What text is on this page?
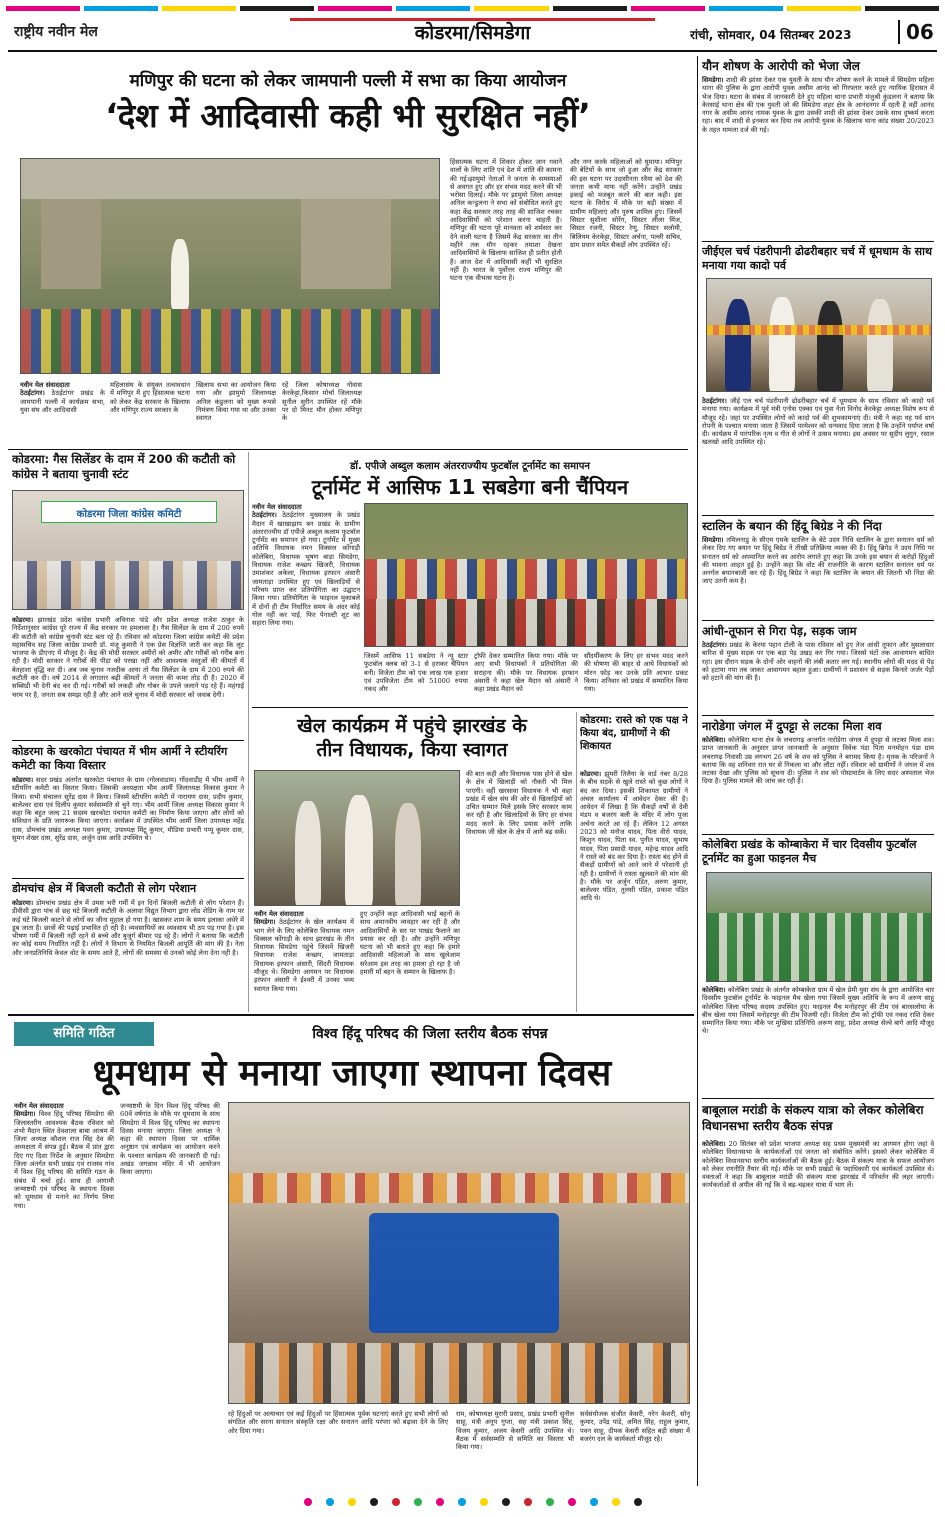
राष्ट्रीय नवीन मेल	कोडरमा/सिमडेगा	रांची, सोमवार, 04 सितम्बर 2023	06
मणिपुर की घटना को लेकर जामपानी पल्ली में सभा का किया आयोजन
‘देश में आदिवासी कही भी सुरक्षित नहीं’
नवीन मेल संवाददाता
ठेठईटांगर। ठेठईटांगर प्रखंड के जामपानी पल्ली में कार्यक्रम सभा, युवा संघ और आदिवासी
महिलासंघ के संयुक्त तत्वावधान में मणिपुर में हुए हिंसात्मक घटना को लेकर केंद्र सरकार के खिलाफ और मणिपुर राज्य सरकार के
खिलाफ सभा का आयोजन किया गया और झामुमो जिलाध्यक्ष अनिल कंडुलना को मुख्य रूपसे निमंत्रण किया गया था और उनका स्वागत
रहें जिला कोषाध्यक्ष नोवास केरकेट्टा,किसान मोर्चा जिलाध्यक्ष सुनील सुरीन उपस्थित रहें मौके पर दो मिनट मौन होकर मणिपुर के
हिंसात्मक घटना में शिकार होकर जान गवाने वालों के लिए शांति एवं देश में शांति की कामना की गई।झामुमो नेताओं ने जनता के समस्याओं से अवगत हुए और हर संभव मदद करने की भी भरोसा दिलाई। मौके पर झामुमो जिला अध्यक्ष अनिल कन्डुलना ने सभा को संबोधित करते हुए कहा केंद्र सरकार तरह तरह की साजिश रचकर आदिवासियों को परेशान करना चाहती है। मणिपुर की घटना पूरे मानवता को शर्मसार कर देने वाली घटना है जिसमें केंद्र सरकार का तीन महीने तक मौन रहकर तमाशा देखना आदिवासियों के खिलाफ साजिश ही प्रतीत होती है। आज देश में आदिवासी कहीं भी सुरक्षित नहीं है। भारत के पूर्वोत्तर राज्य मणिपुर की घटना एक वीभत्स घटना है।
और नग्न करके महिलाओं को घुमाया। मणिपुर की बेटियों के साथ जो हुआ और केंद्र सरकार की इस घटना पर उदासीनता रवैया को देश की जनता कभी माफ नहीं करेंगे। उन्होंने प्रखंड इकाई को मजबूत करने की बात कही। इस घटना के विरोध में मौके पर बड़ी संख्या में ग्रामीण महिलाएं और पुरुष शामिल हुए। जिसमें सिस्टर सुशीला सोरेंग, सिस्टर लीला मिंज, सिस्टर रजनी, सिस्टर रेणु, सिस्टर सलोमी, बिलियम केरकेट्टा, सिस्टर अर्चना, पल्ली सचिव, ग्राम प्रधान समेत सैकड़ों लोग उपस्थित रहें।
कोडरमा: गैस सिलेंडर के दाम में 200 की कटौती को कांग्रेस ने बताया चुनावी स्टंट
कोडरमा जिला कांग्रेस कमिटी
कोडरमा। झारखंड प्रदेश कांग्रेस प्रभारी अविनाश पांडे और प्रदेश अध्यक्ष राजेश ठाकुर के निर्देशानुसार कांग्रेस पूरे राज्य में केंद्र सरकार पर हमलावर है। गैस सिलेंडर के दाम में 200 रुपये की कटौती को कांग्रेस चुनावी स्टंट बता रहे हैं। रविवार को कोडरमा जिला कांग्रेस कमेटी की प्रदेश महासचिव सह जिला कांग्रेस प्रभारी डॉ. मंजू कुमारी ने एक प्रेस विज्ञप्ति जारी कर कहा कि लूट भाजपा के डीएनए में मौजूद है। केंद्र की मोदी सरकार अमीरों को अमीर और गरीबों को गरीब बना रही है। मोदी सरकार ने गरीबों की पीड़ा को परखा नहीं और आवश्यक वस्तुओं की कीमतों में बेतहाशा वृद्धि कर दी। अब जब चुनाव नजदीक आया तो गैस सिलेंडर के दाम में 200 रुपये की कटौती कर दी। वर्ष 2014 से लगातार बढ़ी कीमतों ने जनता की कमर तोड़ दी है। 2020 में सब्सिडी भी देनी बंद कर दी गई। गरीबों को लकड़ी और गोबर के उपले जलाने पड़ रहे हैं। महंगाई चरम पर है, जनता सब समझ रही है और आने वाले चुनाव में मोदी सरकार को जवाब देगी।
कोडरमा के खरकोटा पंचायत में भीम आर्मी ने स्टीयरिंग कमेटी का किया विस्तार
कोडरमा। सदर प्रखंड अंतर्गत खरकोटा पंचायत के ग्राम (गोलवाडाम) गोंदवाडीह में भीम आर्मी ने स्टीयरिंग कमेटी का विस्तार किया। जिसकी अध्यक्षता भीम आर्मी जिलाध्यक्ष विकास कुमार ने किया। सभी संचालन सुरेंद्र दास ने किया। जिसमें स्टीयरिंग कमेटी में नारायण दास, प्रदीप कुमार, बालेश्वर दास एवं दिलीप कुमार सर्वसम्मति से चुने गए। भीम आर्मी जिला अध्यक्ष विकास कुमार ने कहा कि बहुत जल्द 21 सदस्य खरकोटा पंचायत कमेटी का निर्माण किया जाएगा और लोगों को संविधान के प्रति जागरूक किया जाएगा। कार्यक्रम में उपस्थित भीम आर्मी जिला उपाध्यक्ष महेंद्र दास, डोमचांच प्रखंड अध्यक्ष पवन कुमार, उपाध्यक्ष मिंटू कुमार, मीडिया प्रभारी पप्पू कुमार दास, सुमन शेखर दास, सुरेंद्र दास, अर्जुन दास आदि उपस्थित थे।
डोमचांच क्षेत्र में बिजली कटौती से लोग परेशान
कोडरमा। डोमचांच प्रखंड क्षेत्र में उमस भरी गर्मी में इन दिनों बिजली कटौती से लोग परेशान हैं। डीवीसी द्वारा पांच से छह घंटे बिजली कटौती के अलावा विद्युत विभाग द्वारा लोड शेडिंग के नाम पर कई घंटे बिजली काटने से लोगों का जीना मुहाल हो गया है। खासकर शाम के समय इलाका अंधेरे में डूब जाता है। छात्रों की पढ़ाई प्रभावित हो रही है। व्यवसायियों का व्यवसाय भी ठप पड़ गया है। इस भीषण गर्मी में बिजली नहीं रहने से बच्चे और बुजुर्ग बीमार पड़ रहे हैं। लोगों ने बताया कि कटौती का कोई समय निर्धारित नहीं है। लोगों ने विभाग से नियमित बिजली आपूर्ति की मांग की है। नेता और जनप्रतिनिधि केवल वोट के समय आते हैं, लोगों की समस्या से उनको कोई लेना देना नहीं है।
डॉ. एपीजे अब्दुल कलाम अंतरराज्यीय फुटबॉल टूर्नामेंट का समापन
टूर्नामेंट में आसिफ 11 सबडेगा बनी चैंपियन
नवीन मेल संवाददाता
ठेठईटांगर। ठेठईटांगर मुख्यालय के प्रखंड मैदान में खाखाझाप बन प्रखंड के ग्रामीण अंतरराज्यीय डॉ एपीजे अब्दुल कलाम फुटबॉल टूर्नामेंट का समापन हो गया। टूर्नामेंट में मुख्य अतिथि विधायक नमन विक्सल कोंगाड़ी कोलेबिरा, विधायक भूषण बाड़ा सिमडेगा, विधायक राजेश कच्छप खिजरी, विधायक उमाशंकर अकेला, विधायक इरफान अंसारी जामताड़ा उपस्थित हुए एवं खिलाड़ियों से परिचय प्राप्त कर प्रतियोगिता का उद्घाटन किया गया। प्रतियोगिता के फाइनल मुकाबले में दोनों ही टीम निर्धारित समय के अंदर कोई गोल नहीं कर पाईं, फिर पेनाल्टी शूट का सहारा लिया गया।
जिसमें आसिफ 11 सबडेगा ने न्यू स्टार फुटबॉल क्लब को 3-1 से हराकर चैंपियन बनी। विजेता टीम को एक लाख एक हजार एवं उपविजेता टीम को 51000 रुपया नकद और
ट्रॉफी देकर सम्मानित किया गया। मौके पर आए सभी विधायकों ने प्रतियोगिता की सराहना की। मौके पर विधायक इरफान अंसारी ने कहा खेल मैदान को अंसारी ने कहा प्रखंड मैदान को
सौंदर्यीकरण के लिए हर संभव मदद करने की घोषणा की बाहर से आये विधायकों को मोरन फ़ोड़ कर उनके प्रति आभार प्रकट किया। शनिवार को प्रखंड में सम्मानित किया गया।
खेल कार्यक्रम में पहुंचे झारखंड के
तीन विधायक, किया स्वागत
नवीन मेल संवाददाता
सिमडेगा। ठेठईटांगर के खेल कार्यक्रम में भाग लेने के लिए कोलेबिरा विधायक नमन विक्सल कोंगाड़ी के साथ झारखंड के तीन विधायक सिमडेगा पहुंचे जिसमें खिजरी विधायक राजेश कच्छप, जामताड़ा विधायक इरफान अंसारी, सिंदरी विधायक मौजूद थे। सिमडेगा आगमन पर विधायक इरफान अंसारी ने ईश्वरी में उनका भव्य स्वागत किया गया।
हुए उन्होंने कहा आदिवासी भाई बहनों के साथ अमानवीय व्यवहार कर रही है और आदिवासियों के सर पर पाखंड फैलाने का प्रयास कर रही है। और उन्होंने मणिपुर घटना को भी बताते हुए कहा कि हमारे आदिवासी महिलाओं के साथ खुलेआम सरेआम इस तरह का हमला हो रहा है जो हमारी माँ बहन के सम्मान के खिलाफ है।
की बात कही और विधायक पास होने से खेल के क्षेत्र में खिलाड़ी को नौकरी भी मिल पाएगी। वहीं खरसावा विधायक ने भी कहा प्रखंड में खेल संघ की ओर से खिलाड़ियों को उचित सम्मान मिले इसके लिए सरकार काम कर रही है और खिलाड़ियों के लिए हर संभव मदद करने के लिए प्रयास करेंगे ताकि विधायक जी खेल के क्षेत्र में आगे बढ़ सकें।
कोडरमा: रास्ते को एक पक्ष ने किया बंद, ग्रामीणों ने की शिकायत
कोडरमा। झुमरी तिलैया के वार्ड नंबर 8/28 के बीच सड़कें से खुले रास्ते को कुछ लोगों ने बंद कर दिया। इसकी शिकायत ग्रामीणों ने अंचल कार्यालय में आवेदन देकर की है। आवेदन में लिखा है कि सैकड़ों वर्षों से देवी मंडप व बजरंग बली के मंदिर में लोग पूजा अर्चना करते आ रहे हैं। लेकिन 12 अगस्त 2023 को मनोज यादव, पिता वीरो यादव, किशुन यादव, पिता स्व. पुनीत यादव, सुभाष यादव, पिता प्रसादी यादव, महेन्द्र यादव आदि ने रास्ते को बंद कर दिया है। रास्ता बंद होने से सैकड़ों ग्रामीणों को आने जाने में परेशानी हो रही है। ग्रामीणों ने रास्ता खुलवाने की मांग की है। मौके पर अर्जुन पंडित, अरुण कुमार, बालेश्वर पंडित, तुलसी पंडित, प्रकाश पंडित आदि थे।
यौन शोषण के आरोपी को भेजा जेल
सिमडेगा। शादी की झांसा देकर एक युवती के साथ यौन शोषण करने के मामले में सिमडेगा महिला थाना की पुलिस के द्वारा आरोपी युवक असीम आनंद को गिरफ्तार करते हुए न्यायिक हिरासत में भेज दिया। घटना के संबंध में जानकारी देते हुए महिला थाना प्रभारी मंजुश्री कुंडलना ने बताया कि केरसाई थाना क्षेत्र की एक युवती जो की सिमडेगा शहर क्षेत्र के आनंदनगर में रहती है वहीं आनंद नगर के असीम आनंद नामक युवक के द्वारा उसकी शादी की झांसा देकर उसके साथ दुष्कर्म करता रहा। बाद में शादी से इनकार कर दिया तब आरोपी युवक के खिलाफ थाना कांड संख्या 20/2023 के तहत मामला दर्ज की गई।
जीईएल चर्च पंडरीपानी ढोढरीबहार चर्च में धूमधाम के साथ मनाया गया कादो पर्व
ठेठईटांगर। जीई एल चर्च पंडरीपानी ढोढरीबहार चर्च में धूमधाम के साथ रविवार को कादो पर्व मनाया गया। कार्यक्रम में पूर्व मंत्री एनोस एक्का एवं युवा नेता विनोद केरकेट्टा अध्यक्ष विशेष रूप से मौजूद रहे। जहां पर उपस्थित लोगों को कादो पर्व की शुभकामनाएं दी। मंत्री ने कहा यह पर्व धान रोपनी के पश्चात मनाया जाता है जिसमें परमेश्वर को धन्यवाद दिया जाता है कि उन्होंने पर्याप्त वर्षा दी। कार्यक्रम में पारंपरिक नृत्य व गीत से लोगों ने उत्सव मनाया। इस अवसर पर सुदीप लुगुन, रसाल खलखो आदि उपस्थित रहे।
स्टालिन के बयान की हिंदू बिग्रेड ने की निंदा
सिमडेगा। तमिलनाडु के सीएम एमके स्टालिन के बेटे उदय निधि स्टालिन के द्वारा सनातन धर्म को लेकर दिए गए बयान पर हिंदू बिग्रेड ने तीखी प्रतिक्रिया व्यक्त की है। हिंदू ब्रिगेड ने उदय निधि पर सनातन धर्म को अपमानित करने का आरोप लगाते हुए कहा कि उनके इस बयान से करोड़ों हिंदुओं की भावना आहत हुई है। उन्होंने कहा कि वोट की राजनीति के कारण स्टालिन सनातन धर्म पर अनर्गल बयानबाजी कर रहे हैं। हिंदू बिग्रेड ने कहा कि स्टालिन के बयान की जितनी भी निंदा की जाए उतनी कम है।
आंधी-तूफान से गिरा पेड़, सड़क जाम
ठेठईटांगर। प्रखंड के केरया पहान टोली के पास रविवार को हुए तेज आंधी तूफान और मुसलाधार बारिश से मुख्य सड़क पर एक बड़ा पेड़ उखड़ कर गिर गया। जिससे घंटों तक आवागमन बाधित रहा। इस दौरान सड़क के दोनों ओर वाहनों की लंबी कतार लग गई। स्थानीय लोगों की मदद से पेड़ को हटाया गया तब जाकर आवागमन बहाल हुआ। ग्रामीणों ने प्रशासन से सड़क किनारे जर्जर पेड़ों को हटाने की मांग की है।
नारोडेगा जंगल में दुपट्टा से लटका मिला शव
कोलेबिरा। कोलेबिरा थाना क्षेत्र के लचरागढ़ अन्तर्गत नारोडेगा जंगल में दुपट्टा से लटका मिला शव। प्राप्त जानकारी के अनुसार प्राप्त जानकारी के अनुसार विवेक पंडा पिता मनमोहन पंडा ग्राम लचरागढ़ निवासी उम्र लगभग 26 वर्ष के शव को पुलिस ने बरामद किया है। मृतक के परिजनों ने बताया कि वह शनिवार रात घर से निकला था और लौटा नहीं। रविवार को ग्रामीणों ने जंगल में शव लटका देखा और पुलिस को सूचना दी। पुलिस ने शव को पोस्टमार्टम के लिए सदर अस्पताल भेज दिया है। पुलिस मामले की जांच कर रही है।
कोलेबिरा प्रखंड के कोम्बाकेरा में चार दिवसीय फुटबॉल टूर्नामेंट का हुआ फाइनल मैच
कोलेबिरा। कोलेबिरा प्रखंड के अंतर्गत कोम्बाकेरा ग्राम में खेल प्रेमी युवा संघ के द्वारा आयोजित चार दिवसीय फुटबॉल टूर्नामेंट के फाइनल मैच खेला गया जिसमें मुख्य अतिथि के रूप में अरुण साहु कोलेबिरा जिला परिषद सदस्य उपस्थित हुए। फाइनल मैच मनोहरपुर की टीम एवं बारसलोया के बीच खेला गया जिसमें मनोहरपुर की टीम विजयी रही। विजेता टीम को ट्रॉफी एवं नकद राशि देकर सम्मानित किया गया। मौके पर मुखिया प्रतिनिधि अरूण साहू, प्रदेश अध्यक्ष सेल्वे बागे आदि मौजूद थे।
बाबूलाल मरांडी के संकल्प यात्रा को लेकर कोलेबिरा विधानसभा स्तरीय बैठक संपन्न
कोलेबिरा। 20 सितंबर को प्रदेश भाजपा अध्यक्ष सह प्रथम मुख्यमंत्री का आगमन होगा जहां वे कोलेबिरा विधानसभा के कार्यकर्ताओं एवं जनता को संबोधित करेंगे। इसको लेकर कोलेबिरा में कोलेबिरा विधानसभा स्तरीय कार्यकर्ताओं की बैठक हुई। बैठक में संकल्प यात्रा के सफल आयोजन को लेकर रणनीति तैयार की गई। मौके पर सभी प्रखंडों के पदाधिकारी एवं कार्यकर्ता उपस्थित थे। वक्ताओं ने कहा कि बाबूलाल मरांडी की संकल्प यात्रा झारखंड में परिवर्तन की लहर लाएगी। कार्यकर्ताओं से अपील की गई कि वे बढ़-चढ़कर यात्रा में भाग लें।
समिति गठित	विश्व हिंदू परिषद की जिला स्तरीय बैठक संपन्न
धूमधाम से मनाया जाएगा स्थापना दिवस
नवीन मेल संवाददाता
सिमडेगा। विश्व हिंदू परिषद सिमडेगा की जिलास्तरीय आवश्यक बैठक रविवार को शंभो मैदान स्थित देवशाला बाबा आश्रम में जिला अध्यक्ष कौशल राज सिंह देव की अध्यक्षता में संपन्न हुई। बैठक में प्रांत द्वारा दिए गए दिशा निर्देश के अनुसार सिमडेगा जिला अंतर्गत सभी प्रखंड एवं राजस्व गांव में विश्व हिंदू परिषद की समिति गठन के संबंध में चर्चा हुई। साथ ही आगामी जन्माष्टमी एवं परिषद के स्थापना दिवस को धूमधाम से मनाने का निर्णय लिया गया।
जन्माष्टमी के दिन विश्व हिंदू परिषद की 60वें वर्षगांठ के मौके पर धूमधाम के साथ सिमडेगा में विश्व हिंदू परिषद का स्थापना दिवस मनाया जाएगा। जिला अध्यक्ष ने कहा की स्थापना दिवस पर धार्मिक अनुष्ठान एवं कार्यक्रम का आयोजन करने के पश्चात कार्यक्रम की जानकारी दी गई। अखंड जगन्नाथ मंदिर में भी आयोजन किया जाएगा।
रहे हिंदुओं पर अत्याचार एवं कई हिंदुओं पर हिंसात्मक पूर्वक घटनाएं करते हुए सभी लोगों को संगठित और सरना सनातन संस्कृति रक्षा और सनातन आदि परंपरा को बढ़ावा देने के लिए ओर दिया गया।
राम, कोषाध्यक्ष मुरारी प्रसाद, प्रखंड प्रभारी सुनील साहू, मंत्री अनूप गुप्ता, सह मंत्री प्रकाश सिंह, विजय कुमार, अजय केसरी आदि उपस्थित थे। बैठक में सर्वसम्मति से समिति का विस्तार भी किया गया।
सर्वसंयोजक संजीत केसरी, नरेन केशरी, सोनू कुमार, उपेंद्र पांडे, अमित सिंह, राहुल कुमार, पवन साहू, दीपक केसरी सहित बड़ी संख्या में बजरंग दल के कार्यकर्ता मौजूद रहे।
